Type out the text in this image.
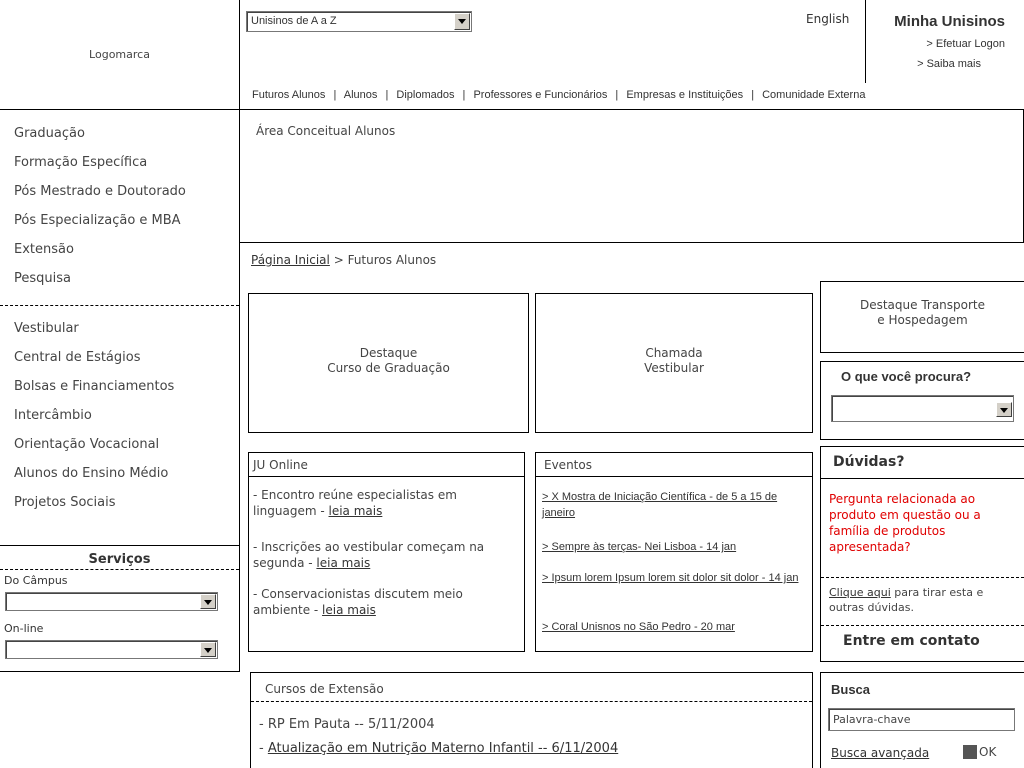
Logomarca
Unisinos de A a Z	English	Minha Unisinos
> Efetuar Logon
> Saiba mais
Futuros Alunos | Alunos | Diplomados | Professores e Funcionários | Empresas e Instituições | Comunidade Externa
Graduação
Formação Específica
Pós Mestrado e Doutorado
Pós Especialização e MBA
Extensão
Pesquisa
Vestibular
Central de Estágios
Bolsas e Financiamentos
Intercâmbio
Orientação Vocacional
Alunos do Ensino Médio
Projetos Sociais
Serviços
Do Câmpus
On-line
Área Conceitual Alunos
Página Inicial > Futuros Alunos
Destaque
Curso de Graduação
Chamada
Vestibular
Destaque Transporte
e Hospedagem
O que você procura?
JU Online
- Encontro reúne especialistas em linguagem - leia mais
- Inscrições ao vestibular começam na segunda - leia mais
- Conservacionistas discutem meio ambiente - leia mais
Eventos
> X Mostra de Iniciação Científica - de 5 a 15 de janeiro
> Sempre às terças- Nei Lisboa - 14 jan
> Ipsum lorem Ipsum lorem sit dolor sit dolor - 14 jan
> Coral Unisnos no São Pedro - 20 mar
Dúvidas?
Pergunta relacionada ao produto em questão ou a família de produtos apresentada?
Clique aqui para tirar esta e outras dúvidas.
Entre em contato
Cursos de Extensão
- RP Em Pauta -- 5/11/2004
- Atualização em Nutrição Materno Infantil -- 6/11/2004
Busca
Palavra-chave
Busca avançada	OK
